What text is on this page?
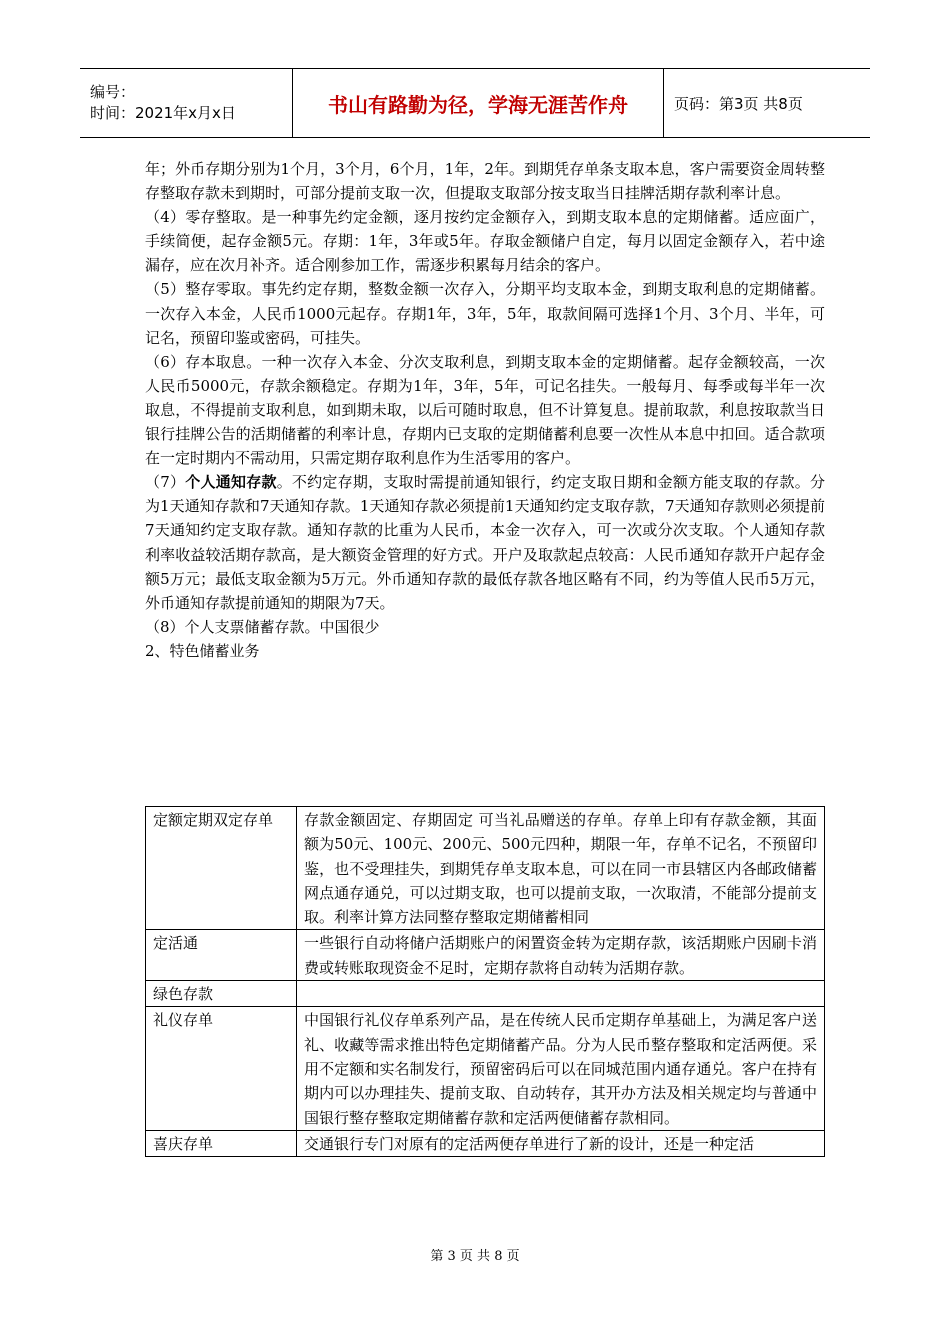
编号：
时间：2021年x月x日	书山有路勤为径，学海无涯苦作舟	页码：第3页 共8页

年；外币存期分别为1个月，3个月，6个月，1年，2年。到期凭存单条支取本息，客户需要资金周转整存整取存款未到期时，可部分提前支取一次，但提取支取部分按支取当日挂牌活期存款利率计息。

（4）零存整取。是一种事先约定金额，逐月按约定金额存入，到期支取本息的定期储蓄。适应面广，手续简便，起存金额5元。存期：1年，3年或5年。存取金额储户自定，每月以固定金额存入，若中途漏存，应在次月补齐。适合刚参加工作，需逐步积累每月结余的客户。

（5）整存零取。事先约定存期，整数金额一次存入，分期平均支取本金，到期支取利息的定期储蓄。一次存入本金，人民币1000元起存。存期1年，3年，5年，取款间隔可选择1个月、3个月、半年，可记名，预留印鉴或密码，可挂失。

（6）存本取息。一种一次存入本金、分次支取利息，到期支取本金的定期储蓄。起存金额较高，一次人民币5000元，存款余额稳定。存期为1年，3年，5年，可记名挂失。一般每月、每季或每半年一次取息，不得提前支取利息，如到期未取，以后可随时取息，但不计算复息。提前取款，利息按取款当日银行挂牌公告的活期储蓄的利率计息，存期内已支取的定期储蓄利息要一次性从本息中扣回。适合款项在一定时期内不需动用，只需定期存取利息作为生活零用的客户。

（7）个人通知存款。不约定存期，支取时需提前通知银行，约定支取日期和金额方能支取的存款。分为1天通知存款和7天通知存款。1天通知存款必须提前1天通知约定支取存款，7天通知存款则必须提前7天通知约定支取存款。通知存款的比重为人民币，本金一次存入，可一次或分次支取。个人通知存款利率收益较活期存款高，是大额资金管理的好方式。开户及取款起点较高：人民币通知存款开户起存金额5万元；最低支取金额为5万元。外币通知存款的最低存款各地区略有不同，约为等值人民币5万元，外币通知存款提前通知的期限为7天。

（8）个人支票储蓄存款。中国很少

2、特色储蓄业务

定额定期双定存单	存款金额固定、存期固定 可当礼品赠送的存单。存单上印有存款金额，其面额为50元、100元、200元、500元四种，期限一年，存单不记名，不预留印鉴，也不受理挂失，到期凭存单支取本息，可以在同一市县辖区内各邮政储蓄网点通存通兑，可以过期支取，也可以提前支取，一次取清，不能部分提前支取。利率计算方法同整存整取定期储蓄相同
定活通	一些银行自动将储户活期账户的闲置资金转为定期存款，该活期账户因刷卡消费或转账取现资金不足时，定期存款将自动转为活期存款。
绿色存款	
礼仪存单	中国银行礼仪存单系列产品，是在传统人民币定期存单基础上，为满足客户送礼、收藏等需求推出特色定期储蓄产品。分为人民币整存整取和定活两便。采用不定额和实名制发行，预留密码后可以在同城范围内通存通兑。客户在持有期内可以办理挂失、提前支取、自动转存，其开办方法及相关规定均与普通中国银行整存整取定期储蓄存款和定活两便储蓄存款相同。
喜庆存单	交通银行专门对原有的定活两便存单进行了新的设计，还是一种定活
第 3 页 共 8 页
